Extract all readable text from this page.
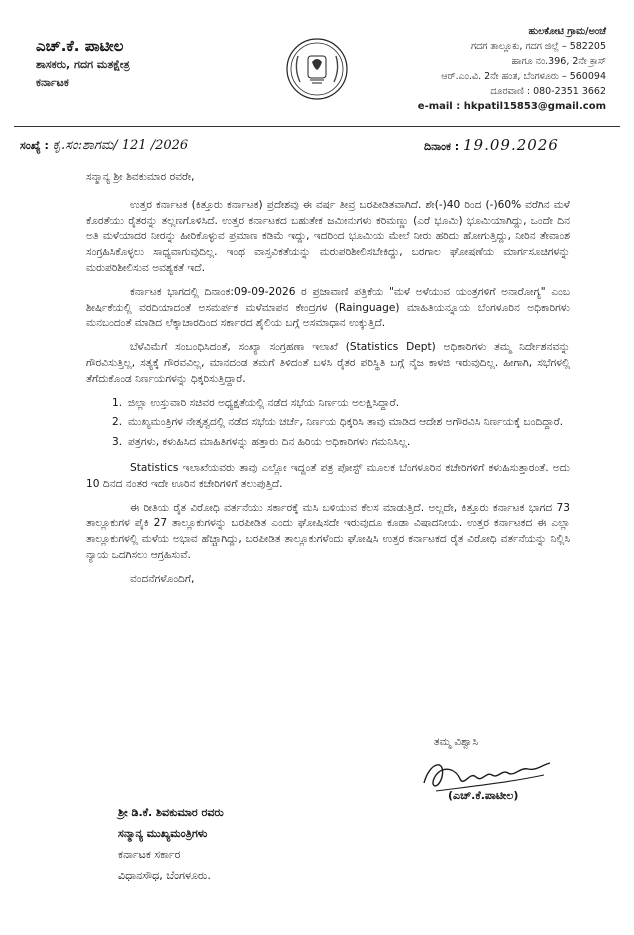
ಎಚ್.ಕೆ. ಪಾಟೀಲ
ಶಾಸಕರು, ಗದಗ ಮತಕ್ಷೇತ್ರ
ಕರ್ನಾಟಕ
ಹುಲಕೋಟಿ ಗ್ರಾಮ/ಅಂಚೆ
ಗದಗ ತಾಲ್ಲೂಕು, ಗದಗ ಜಿಲ್ಲೆ – 582205
ಹಾಗೂ ನಂ.396, 2ನೇ ಕ್ರಾಸ್
ಆರ್.ಎಂ.ವಿ. 2ನೇ ಹಂತ, ಬೆಂಗಳೂರು – 560094
ದೂರವಾಣಿ : 080-2351 3662
e-mail : hkpatil15853@gmail.com
ಸಂಖ್ಯೆ : ಕೃ.ಸಂ:ಶಾಗಮ/ 121 /2026	ದಿನಾಂಕ : 19.09.2026
ಸನ್ಮಾನ್ಯ ಶ್ರೀ ಶಿವಕುಮಾರ ರವರೇ,

ಉತ್ತರ ಕರ್ನಾಟಕ (ಕಿತ್ತೂರು ಕರ್ನಾಟಕ) ಪ್ರದೇಶವು ಈ ವರ್ಷ ತೀವ್ರ ಬರಪೀಡಿತವಾಗಿದೆ. ಶೇ(-)40 ರಿಂದ (-)60% ವರೆಗಿನ ಮಳೆ ಕೊರತೆಯು ರೈತರನ್ನು ತಲ್ಲಣಗೊಳಿಸಿದೆ. ಉತ್ತರ ಕರ್ನಾಟಕದ ಬಹುತೇಕ ಜಮೀನುಗಳು ಕರಿಮಣ್ಣು (ಎರೆ ಭೂಮಿ) ಭೂಮಿಯಾಗಿದ್ದು, ಒಂದೇ ದಿನ ಅತಿ ಮಳೆಯಾದರ ನೀರನ್ನು ಹೀರಿಕೊಳ್ಳುವ ಪ್ರಮಾಣ ಕಡಿಮೆ ಇದ್ದು, ಇದರಿಂದ ಭೂಮಿಯ ಮೇಲೆ ನೀರು ಹರಿದು ಹೋಗುತ್ತಿದ್ದು, ನೀರಿನ ತೇವಾಂಶ ಸಂಗ್ರಹಿಸಿಕೊಳ್ಳಲು ಸಾಧ್ಯವಾಗುವುದಿಲ್ಲ. ಇಂಥ ವಾಸ್ತವಿಕತೆಯನ್ನು ಮರುಪರಿಶೀಲಿಸಬೇಕಿದ್ದು, ಬರಗಾಲ ಘೋಷಣೆಯ ಮಾರ್ಗಸೂಚಿಗಳನ್ನು ಮರುಪರಿಶೀಲಿಸುವ ಅವಶ್ಯಕತೆ ಇದೆ.

ಕರ್ನಾಟಕ ಭಾಗದಲ್ಲಿ ದಿನಾಂಕ:09-09-2026 ರ ಪ್ರಜಾವಾಣಿ ಪತ್ರಿಕೆಯ "ಮಳೆ ಅಳೆಯುವ ಯಂತ್ರಗಳಿಗೆ ಅನಾರೋಗ್ಯ" ಎಂಬ ಶೀರ್ಷಿಕೆಯಲ್ಲಿ ವರದಿಯಾದಂತೆ ಅಸಮರ್ಪಕ ಮಳೆಮಾಪನ ಕೇಂದ್ರಗಳ (Rainguage) ಮಾಹಿತಿಯನ್ನೂಯ ಬೆಂಗಳೂರಿನ ಅಧಿಕಾರಿಗಳು ಮನಬಂದಂತೆ ಮಾಡಿದ ಲೆಕ್ಕಾಚಾರದಿಂದ ಸರ್ಕಾರದ ಶೈಲಿಯ ಬಗ್ಗೆ ಅಸಮಾಧಾನ ಉಕ್ಕುತ್ತಿದೆ.

ಬೆಳೆವಿಮೆಗೆ ಸಂಬಂಧಿಸಿದಂತೆ, ಸಂಖ್ಯಾ ಸಂಗ್ರಹಣಾ ಇಲಾಖೆ (Statistics Dept) ಅಧಿಕಾರಿಗಳು ತಮ್ಮ ನಿರ್ದೇಶನವನ್ನು ಗೌರವಿಸುತ್ತಿಲ್ಲ, ಸತ್ಯಕ್ಕೆ ಗೌರವವಿಲ್ಲ, ಮಾನದಂಡ ತಮಗೆ ತಿಳಿದಂತೆ ಬಳಸಿ ರೈತರ ಪರಿಸ್ಥಿತಿ ಬಗ್ಗೆ ನೈಜ ಕಾಳಜಿ ಇರುವುದಿಲ್ಲ. ಹೀಗಾಗಿ, ಸಭೆಗಳಲ್ಲಿ ತೆಗೆದುಕೊಂಡ ನಿರ್ಣಯಗಳನ್ನು ಧಿಕ್ಕರಿಸುತ್ತಿದ್ದಾರೆ.

1. ಜಿಲ್ಲಾ ಉಸ್ತುವಾರಿ ಸಚಿವರ ಅಧ್ಯಕ್ಷತೆಯಲ್ಲಿ ನಡೆದ ಸಭೆಯ ನಿರ್ಣಯ ಅಲಕ್ಷಿಸಿದ್ದಾರೆ.
2. ಮುಖ್ಯಮಂತ್ರಿಗಳ ನೇತೃತ್ವದಲ್ಲಿ ನಡೆದ ಸಭೆಯ ಚರ್ಚೆ, ನಿರ್ಣಯ ಧಿಕ್ಕರಿಸಿ ತಾವು ಮಾಡಿದ ಆದೇಶ ಅಗೌರವಿಸಿ ನಿರ್ಣಯಕ್ಕೆ ಬಂದಿದ್ದಾರೆ.
3. ಪತ್ರಗಳು, ಕಳುಹಿಸಿದ ಮಾಹಿತಿಗಳನ್ನು ಹತ್ತಾರು ದಿನ ಹಿರಿಯ ಅಧಿಕಾರಿಗಳು ಗಮನಿಸಿಲ್ಲ.

Statistics ಇಲಾಖೆಯವರು ತಾವು ಎಲ್ಲೋ ಇದ್ದಂತೆ ಪತ್ರ ಪೋಸ್ಟ್ ಮೂಲಕ ಬೆಂಗಳೂರಿನ ಕಚೇರಿಗಳಿಗೆ ಕಳುಹಿಸುತ್ತಾರಂತೆ. ಅದು 10 ದಿನದ ನಂತರ ಇದೇ ಊರಿನ ಕಚೇರಿಗಳಿಗೆ ತಲುಪುತ್ತಿದೆ.

ಈ ರೀತಿಯ ರೈತ ವಿರೋಧಿ ವರ್ತನೆಯು ಸರ್ಕಾರಕ್ಕೆ ಮಸಿ ಬಳಿಯುವ ಕೆಲಸ ಮಾಡುತ್ತಿದೆ. ಅಲ್ಲದೇ, ಕಿತ್ತೂರು ಕರ್ನಾಟಕ ಭಾಗದ 73 ತಾಲ್ಲೂಕುಗಳ ಪೈಕಿ 27 ತಾಲ್ಲೂಕುಗಳನ್ನು ಬರಪೀಡಿತ ಎಂದು ಘೋಷಿಸದೇ ಇರುವುದೂ ಕೂಡಾ ವಿಷಾದನೀಯ. ಉತ್ತರ ಕರ್ನಾಟಕದ ಈ ಎಲ್ಲಾ ತಾಲ್ಲೂಕುಗಳಲ್ಲಿ ಮಳೆಯ ಅಭಾವ ಹೆಚ್ಚಾಗಿದ್ದು, ಬರಪೀಡಿತ ತಾಲ್ಲೂಕುಗಳೆಂದು ಘೋಷಿಸಿ ಉತ್ತರ ಕರ್ನಾಟಕದ ರೈತ ವಿರೋಧಿ ವರ್ತನೆಯನ್ನು ನಿಲ್ಲಿಸಿ ನ್ಯಾಯ ಒದಗಿಸಲು ಆಗ್ರಹಿಸುವೆ.

ವಂದನೆಗಳೊಂದಿಗೆ,
ತಮ್ಮ ವಿಶ್ವಾಸಿ
(ಎಚ್.ಕೆ.ಪಾಟೀಲ)
ಶ್ರೀ ಡಿ.ಕೆ. ಶಿವಕುಮಾರ ರವರು
ಸನ್ಮಾನ್ಯ ಮುಖ್ಯಮಂತ್ರಿಗಳು
ಕರ್ನಾಟಕ ಸರ್ಕಾರ
ವಿಧಾನಸೌಧ, ಬೆಂಗಳೂರು.
